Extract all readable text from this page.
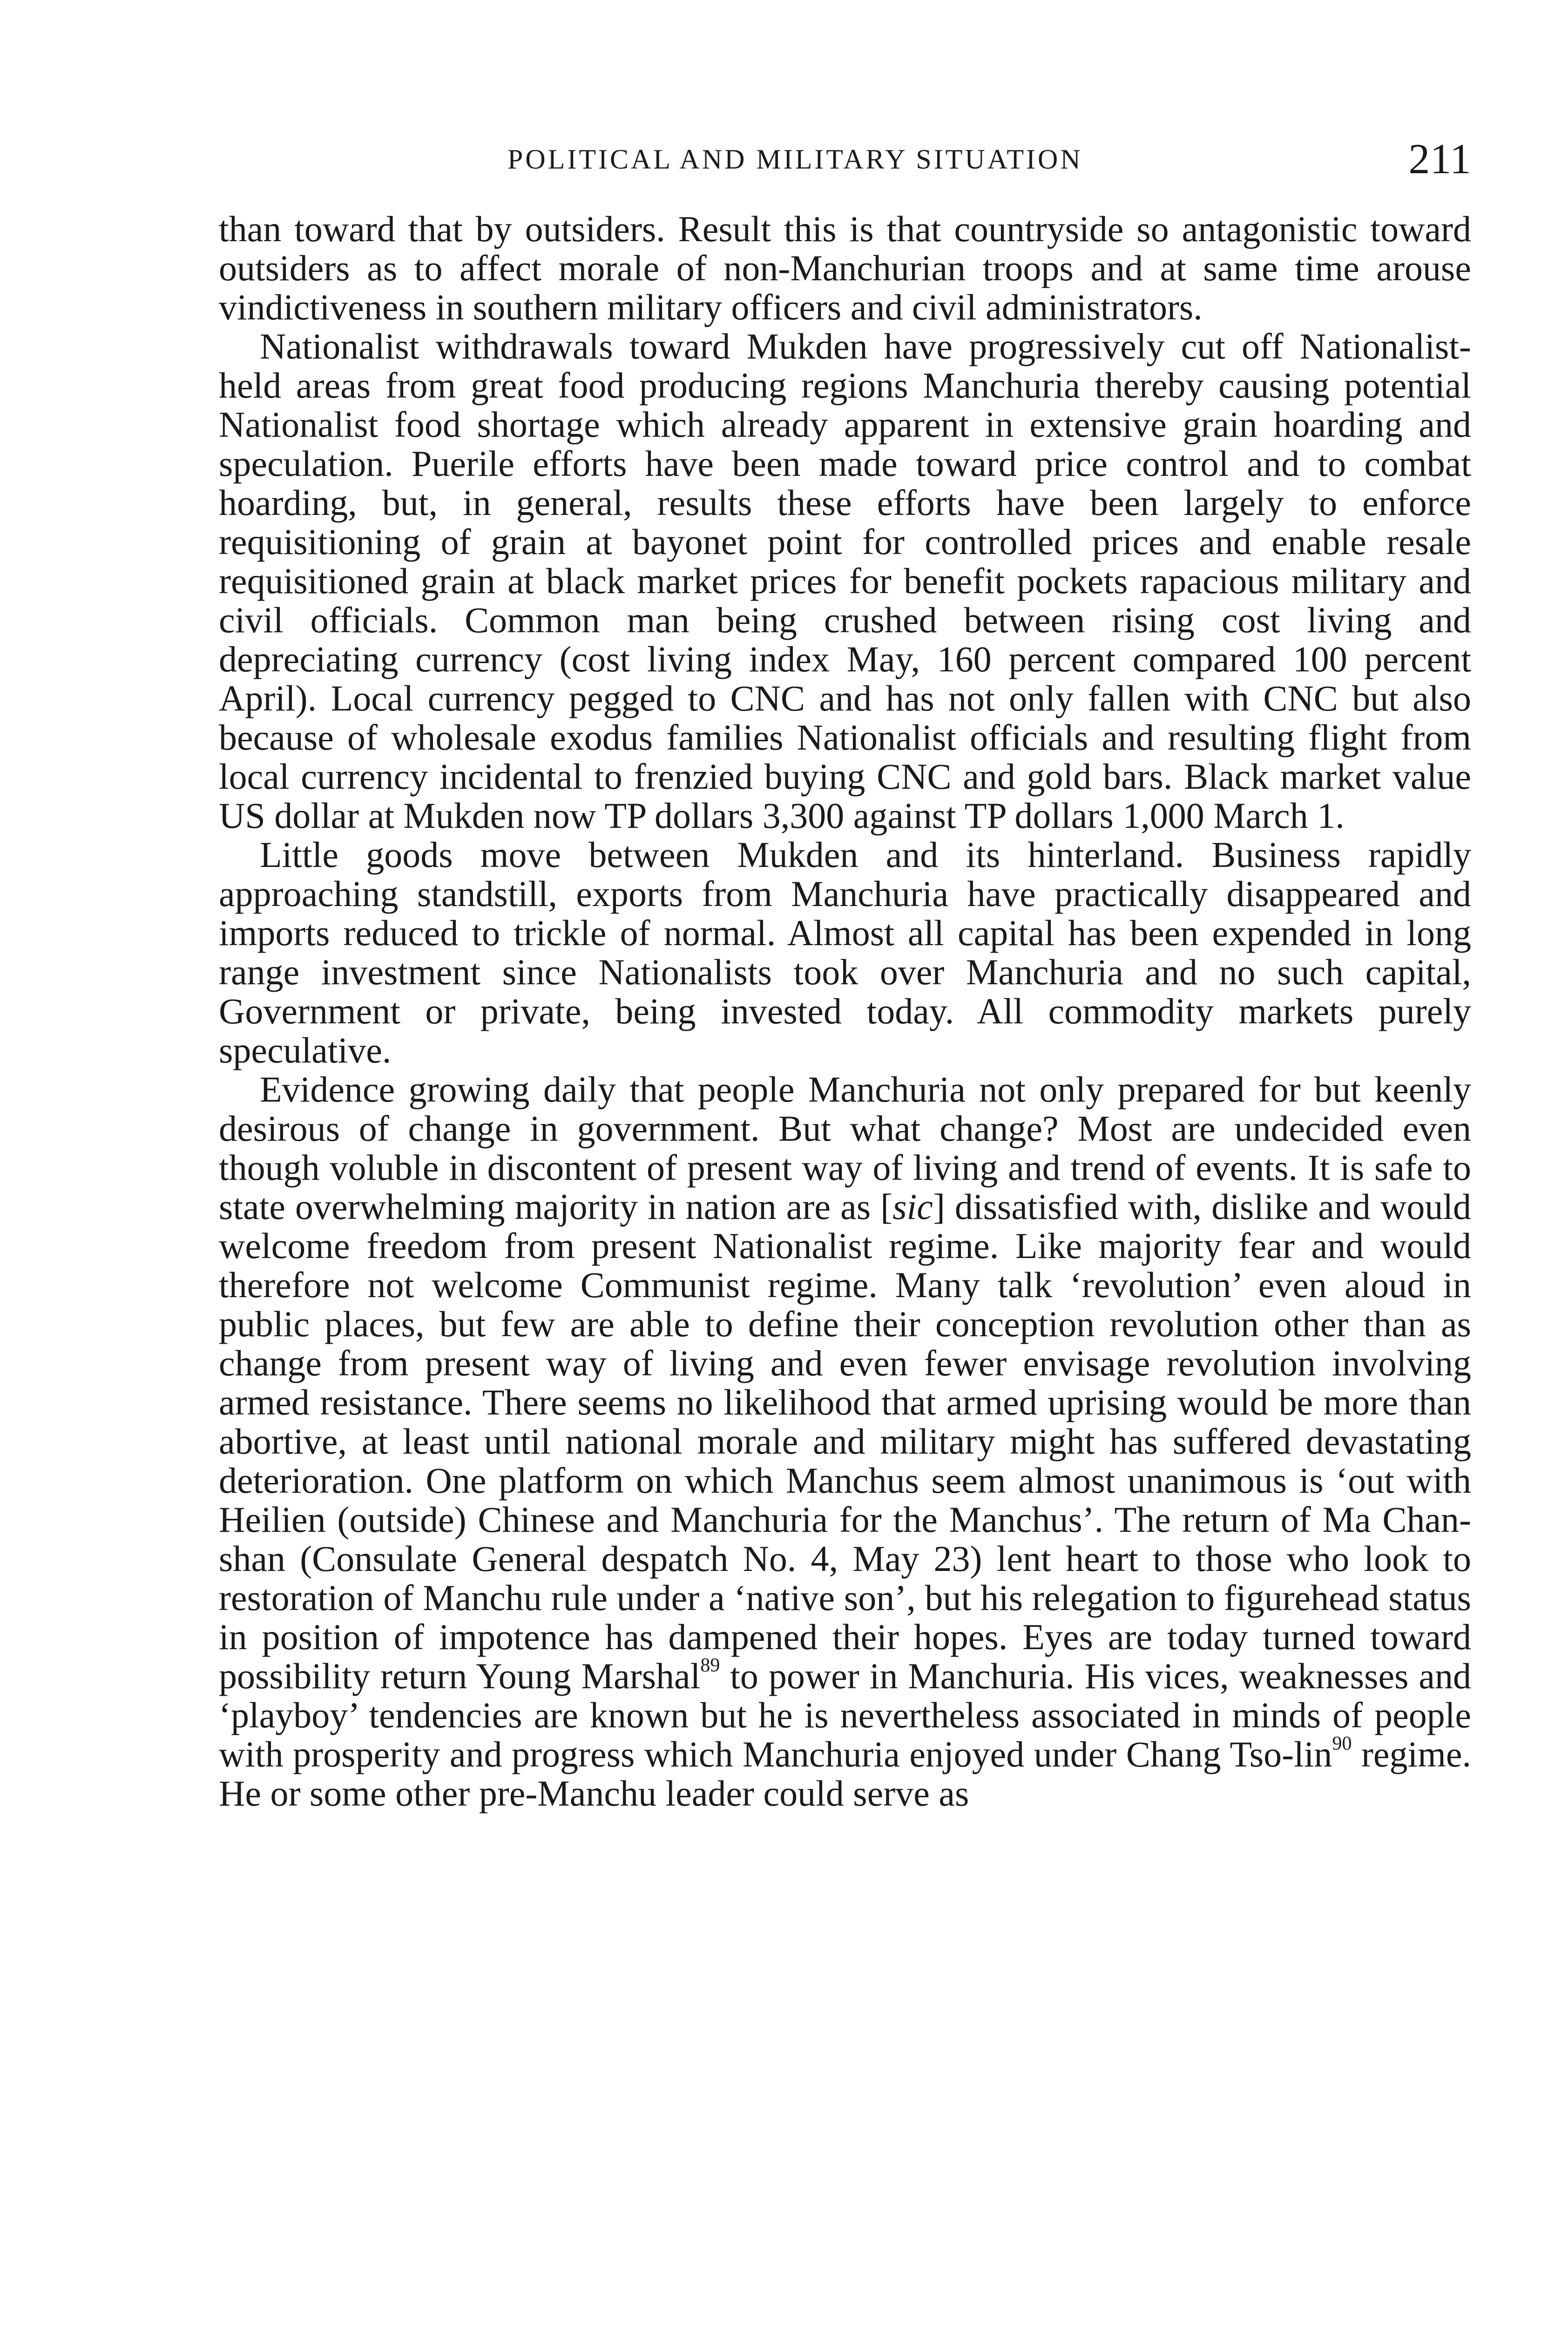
POLITICAL AND MILITARY SITUATION	211

than toward that by outsiders. Result this is that countryside so antagonistic toward outsiders as to affect morale of non-Manchurian troops and at same time arouse vindictiveness in southern military officers and civil administrators.

Nationalist withdrawals toward Mukden have progressively cut off Nationalist-held areas from great food producing regions Manchuria thereby causing potential Nationalist food shortage which already apparent in extensive grain hoarding and speculation. Puerile efforts have been made toward price control and to combat hoarding, but, in general, results these efforts have been largely to enforce requisitioning of grain at bayonet point for controlled prices and enable resale requisitioned grain at black market prices for benefit pockets rapacious military and civil officials. Common man being crushed between rising cost living and depreciating currency (cost living index May, 160 percent compared 100 percent April). Local currency pegged to CNC and has not only fallen with CNC but also because of wholesale exodus families Nationalist officials and resulting flight from local currency incidental to frenzied buying CNC and gold bars. Black market value US dollar at Mukden now TP dollars 3,300 against TP dollars 1,000 March 1.

Little goods move between Mukden and its hinterland. Business rapidly approaching standstill, exports from Manchuria have practically disappeared and imports reduced to trickle of normal. Almost all capital has been expended in long range investment since Nationalists took over Manchuria and no such capital, Government or private, being invested today. All commodity markets purely speculative.

Evidence growing daily that people Manchuria not only prepared for but keenly desirous of change in government. But what change? Most are undecided even though voluble in discontent of present way of living and trend of events. It is safe to state overwhelming majority in nation are as [sic] dissatisfied with, dislike and would welcome freedom from present Nationalist regime. Like majority fear and would therefore not welcome Communist regime. Many talk ‘revolution’ even aloud in public places, but few are able to define their conception revolution other than as change from present way of living and even fewer envisage revolution involving armed resistance. There seems no likelihood that armed uprising would be more than abortive, at least until national morale and military might has suffered devastating deterioration. One platform on which Manchus seem almost unanimous is ‘out with Heilien (outside) Chinese and Manchuria for the Manchus’. The return of Ma Chan-shan (Consulate General despatch No. 4, May 23) lent heart to those who look to restoration of Manchu rule under a ‘native son’, but his relegation to figurehead status in position of impotence has dampened their hopes. Eyes are today turned toward possibility return Young Marshal$^{89}$ to power in Manchuria. His vices, weaknesses and ‘playboy’ tendencies are known but he is nevertheless associated in minds of people with prosperity and progress which Manchuria enjoyed under Chang Tso-lin$^{90}$ regime. He or some other pre-Manchu leader could serve as
